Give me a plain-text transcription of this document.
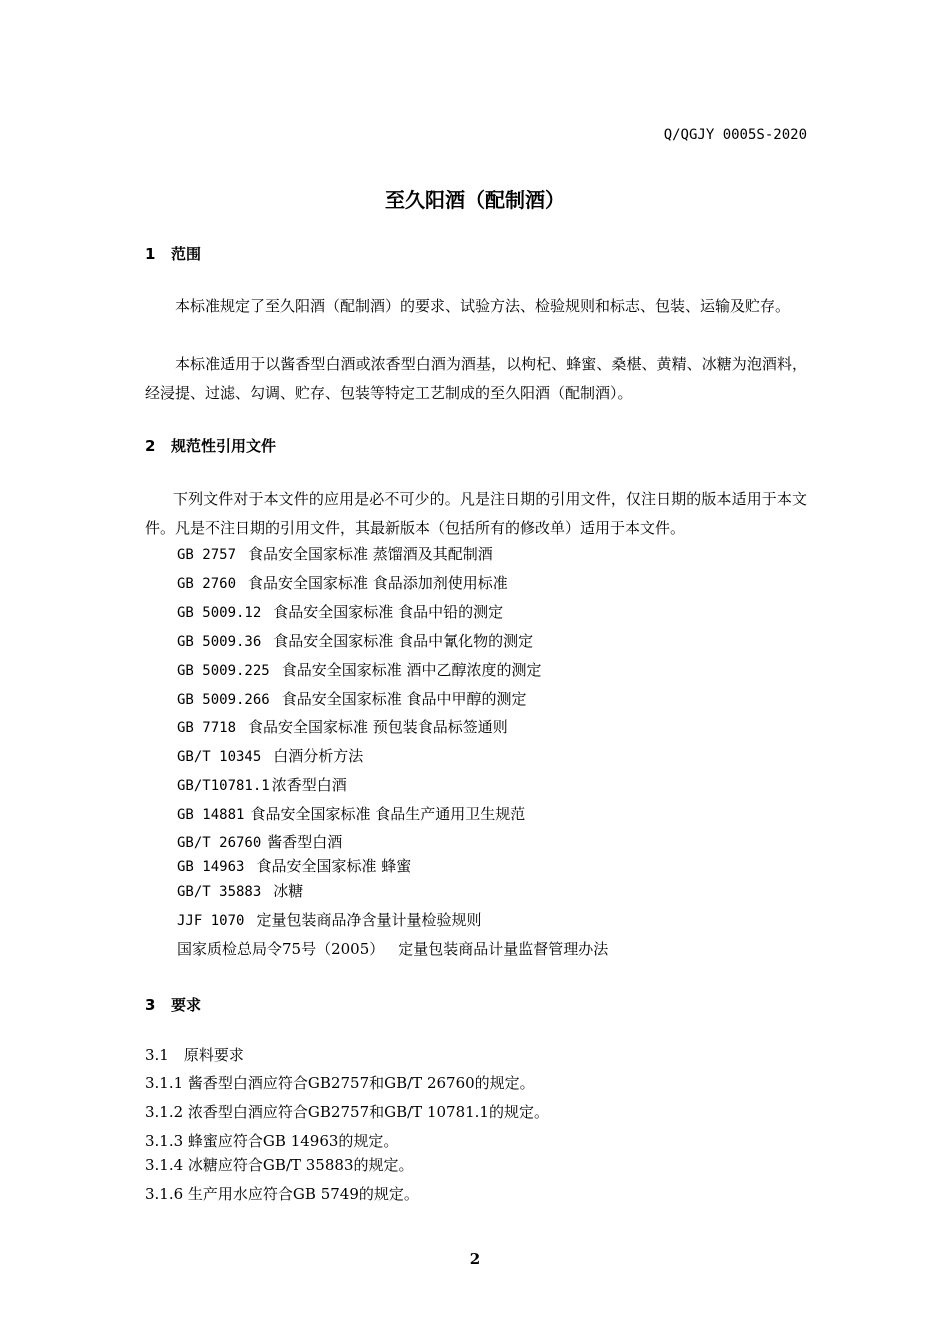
Q/QGJY 0005S-2020
至久阳酒（配制酒）
1 范围
本标准规定了至久阳酒（配制酒）的要求、试验方法、检验规则和标志、包装、运输及贮存。
本标准适用于以酱香型白酒或浓香型白酒为酒基，以枸杞、蜂蜜、桑椹、黄精、冰糖为泡酒料，经浸提、过滤、勾调、贮存、包装等特定工艺制成的至久阳酒（配制酒）。
2 规范性引用文件
下列文件对于本文件的应用是必不可少的。凡是注日期的引用文件，仅注日期的版本适用于本文件。凡是不注日期的引用文件，其最新版本（包括所有的修改单）适用于本文件。
GB 2757 食品安全国家标准 蒸馏酒及其配制酒
GB 2760 食品安全国家标准 食品添加剂使用标准
GB 5009.12 食品安全国家标准 食品中铅的测定
GB 5009.36 食品安全国家标准 食品中氰化物的测定
GB 5009.225 食品安全国家标准 酒中乙醇浓度的测定
GB 5009.266 食品安全国家标准 食品中甲醇的测定
GB 7718 食品安全国家标准 预包装食品标签通则
GB/T 10345 白酒分析方法
GB/T10781.1 浓香型白酒
GB 14881 食品安全国家标准 食品生产通用卫生规范
GB/T 26760 酱香型白酒
GB 14963 食品安全国家标准 蜂蜜
GB/T 35883 冰糖
JJF 1070 定量包装商品净含量计量检验规则
国家质检总局令75号（2005） 定量包装商品计量监督管理办法
3 要求
3.1　原料要求
3.1.1 酱香型白酒应符合GB2757和GB/T 26760的规定。
3.1.2 浓香型白酒应符合GB2757和GB/T 10781.1的规定。
3.1.3 蜂蜜应符合GB 14963的规定。
3.1.4 冰糖应符合GB/T 35883的规定。
3.1.6 生产用水应符合GB 5749的规定。
2
